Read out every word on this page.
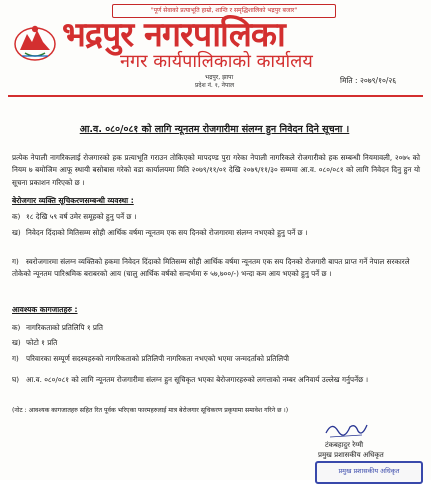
"पूर्ण सेवाको प्रत्याभूति हाम्रो, शान्ति र समृद्धिशालिको भद्रपुर बजार"
भद्रपुर नगरपालिका
नगर कार्यपालिकाको कार्यालय
भद्रपुर, झापा
प्रदेश नं. १, नेपाल
मिति : २०७९/१०/२६
आ.व. ०८०/०८१ को लागि न्यूनतम रोजगारीमा संलग्न हुन निवेदन दिने सूचना ।
प्रत्येक नेपाली नागरिकलाई रोजगारको हक प्रत्याभूति गराउन तोकिएको मापदण्ड पुरा गरेका नेपाली नागरिकले रोजगारीको हक सम्बन्धी नियमावली, २०७५ को नियम ७ बमोजिम आफू स्थायी बसोबास गरेको वडा कार्यालयमा मिति २०७९/११/०१ देखि २०७९/११/३० सम्ममा आ.व. ०८०/०८१ को लागि निवेदन दिनु हुन यो सूचना प्रकाशन गरिएको छ ।
बेरोजगार व्यक्ति सूचिकरणसम्बन्धी व्यवस्था :
क) १८ देखि ५९ वर्ष उमेर समूहको हुनु पर्ने छ ।
ख) निवेदन दिंदाको मितिसम्म सोही आर्थिक वर्षमा न्यूनतम एक सय दिनको रोजगारमा संलग्न नभएको हुनु पर्ने छ ।
ग) स्वरोजगारमा संलग्न व्यक्तिको हकमा निवेदन दिंदाको मितिसम्म सोही आर्थिक वर्षमा न्यूनतम एक सय दिनको रोजगारी बापत प्राप्त गर्ने नेपाल सरकारले तोकेको न्यूनतम पारिश्रमिक बराबरको आय (चालु आर्थिक वर्षको सन्दर्भमा रु ५७,७००/-) भन्दा कम आय भएको हुनु पर्ने छ ।
आवश्यक कागजातहरु :
क) नागरिकताको प्रतिलिपि १ प्रति
ख) फोटो १ प्रति
ग) परिवारका सम्पूर्ण सदस्यहरुको नागरिकताको प्रतिलिपी नागरिकता नभएको भएमा जन्मदर्ताको प्रतिलिपी
घ) आ.व. ०८०/०८१ को लागि न्यूनतम रोजगारीमा संलग्न हुन सूचिकृत भएका बेरोजगारहरुको लगत्ताको नम्बर अनिवार्य उल्लेख गर्नुपर्नेछ ।
(नोट : आवश्यक कागजातहरु सहित रित पूर्वक भरिएका फारमहरुलाई मात्र बेरोजगार सूचिकरण प्रकृयामा समावेश गरिने छ ।)
टंकबहादुर रेग्मी
प्रमुख प्रशासकीय अधिकृत
प्रमुख प्रशासकीय अधिकृत
